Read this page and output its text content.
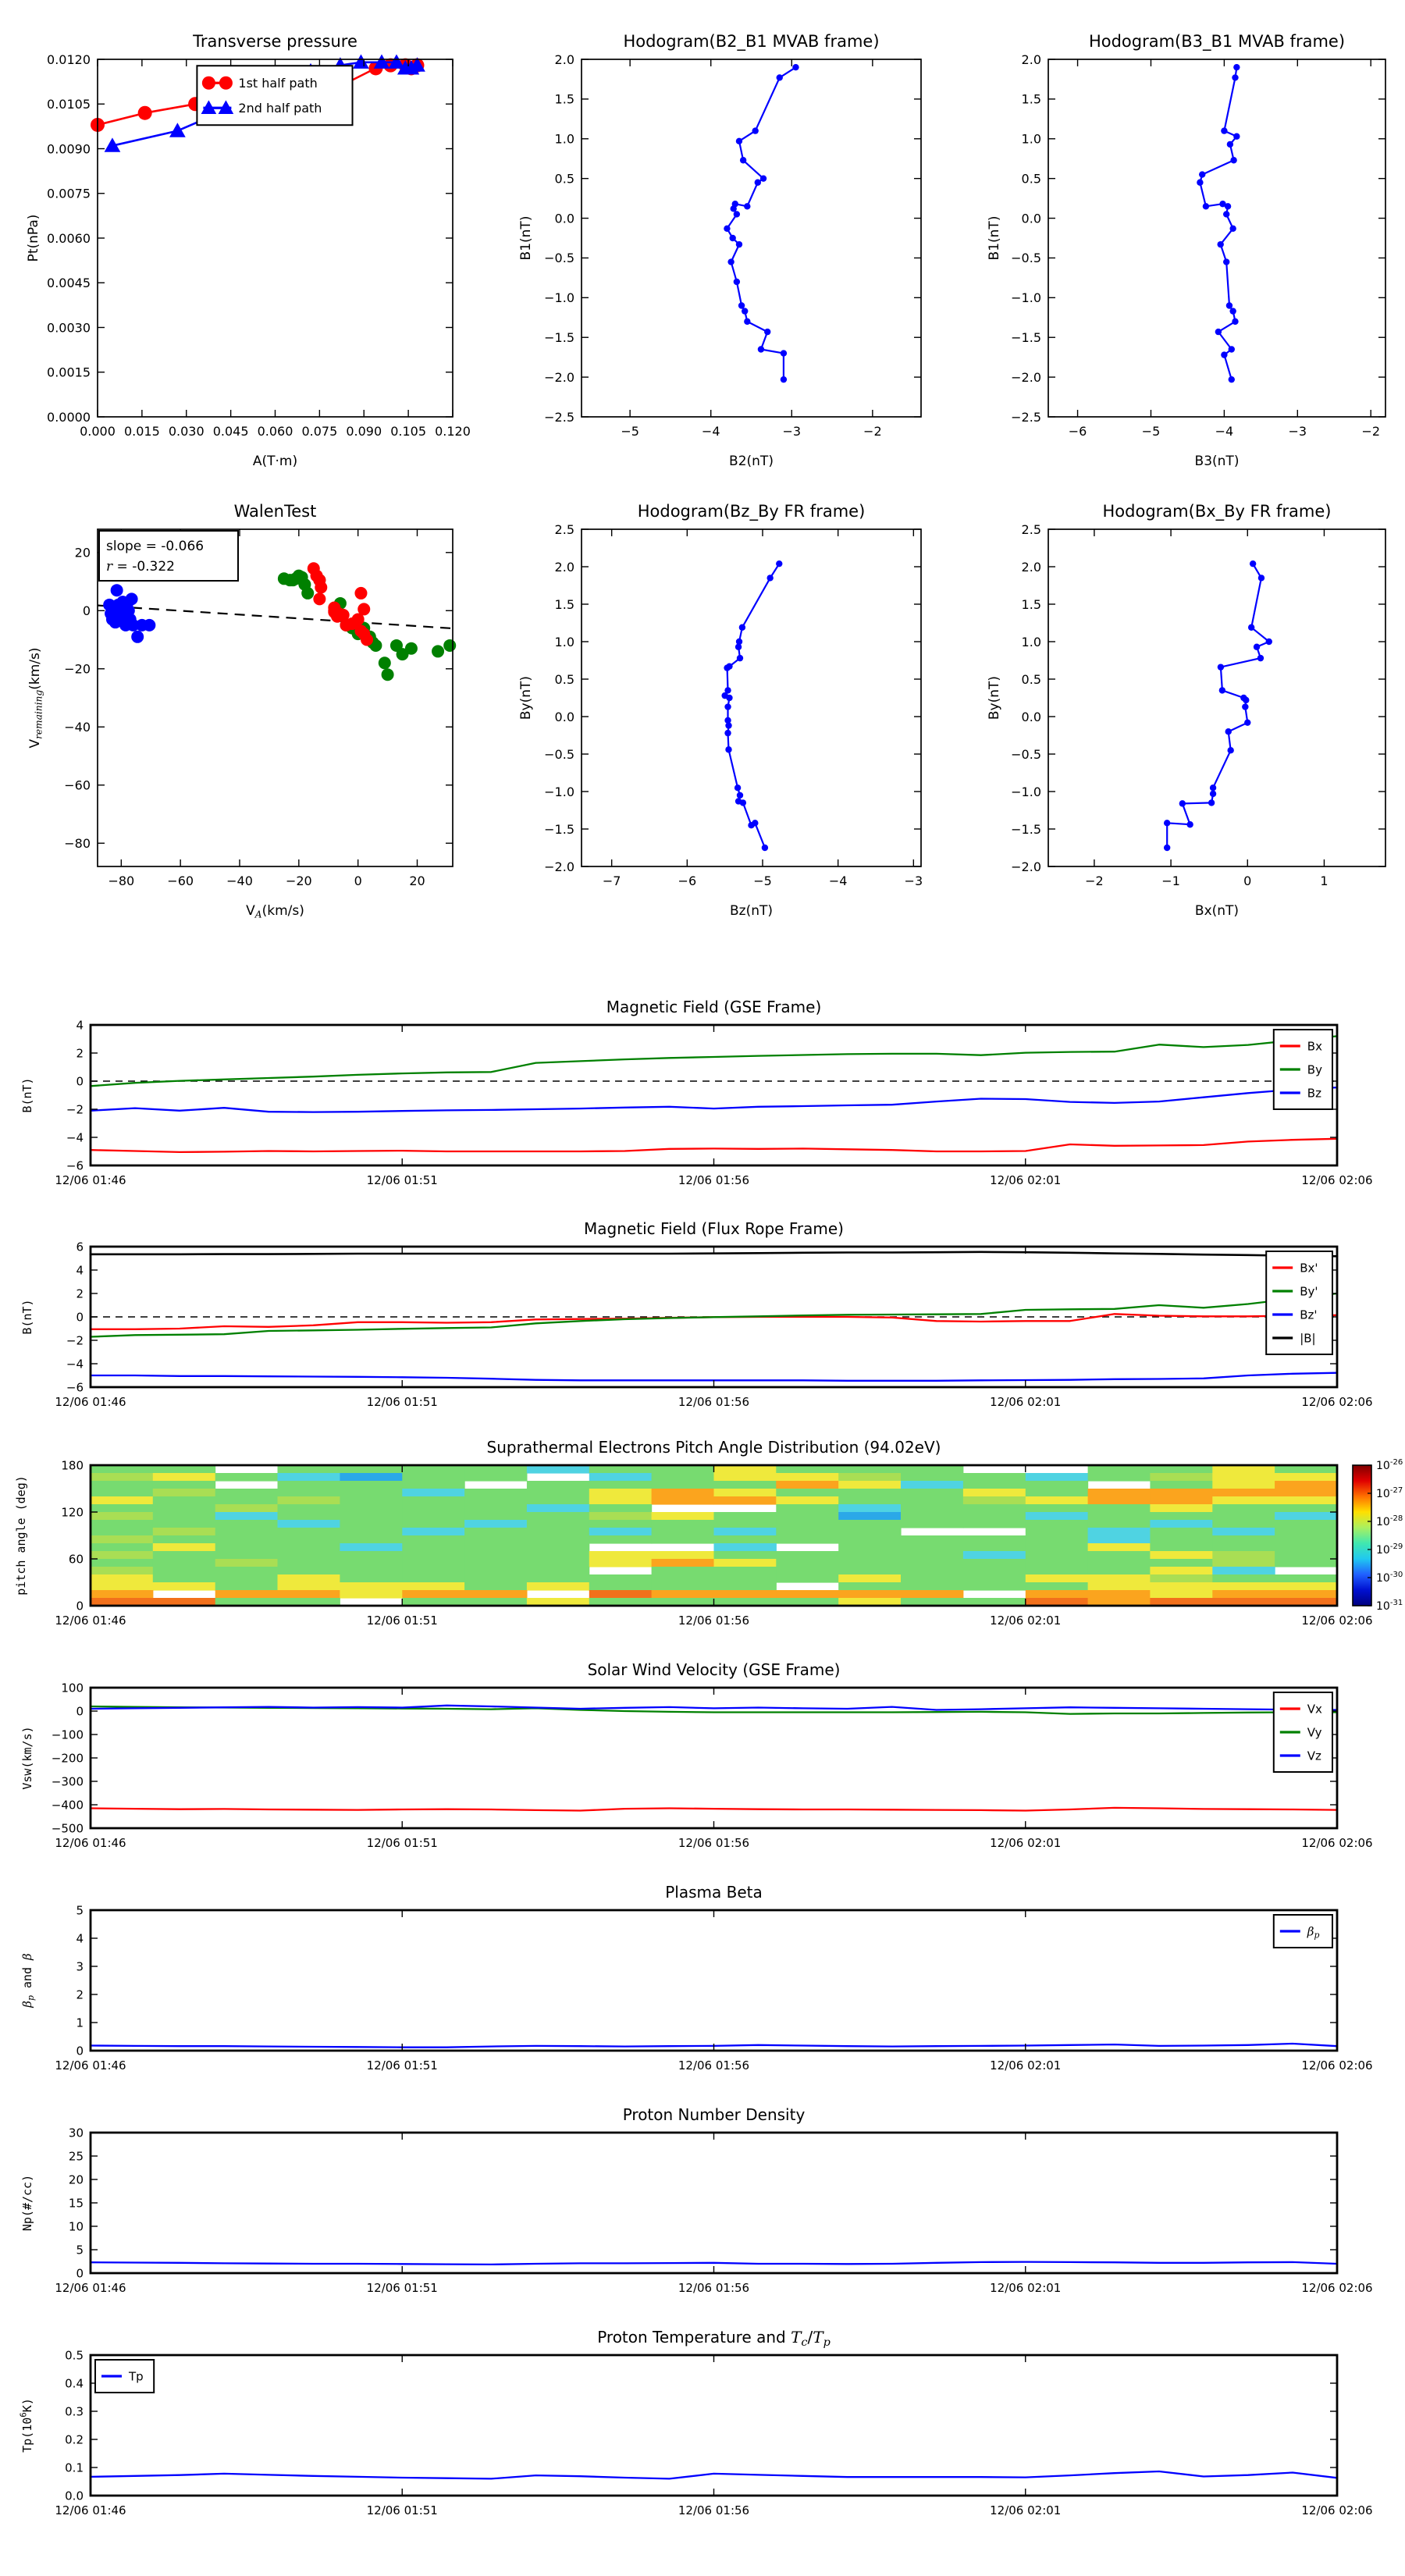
0.000 0.015 0.030 0.045 0.060 0.075 0.090 0.105 0.120
0.0000
0.0015
0.0030
0.0045
0.0060
0.0075
0.0090
0.0105
0.0120
Transverse pressure
A(T·m)
Pt(nPa)
1st half path
2nd half path
−5	−4	−3	−2
−2.5
−2.0
−1.5
−1.0
−0.5
0.0
0.5
1.0
1.5
2.0
Hodogram(B2_B1 MVAB frame)
B2(nT)
B1(nT)
−6	−5	−4	−3	−2
−2.5
−2.0
−1.5
−1.0
−0.5
0.0
0.5
1.0
1.5
2.0
Hodogram(B3_B1 MVAB frame)
B3(nT)
B1(nT)
−80	−60	−40	−20	0	20
−80
−60
−40
−20
0
20
WalenTest
VA(km/s)
Vremaining(km/s)
slope = -0.066
r = -0.322
−7	−6	−5	−4	−3
−2.0
−1.5
−1.0
−0.5
0.0
0.5
1.0
1.5
2.0
2.5
Hodogram(Bz_By FR frame)
Bz(nT)
By(nT)
−2	−1	0	1
−2.0
−1.5
−1.0
−0.5
0.0
0.5
1.0
1.5
2.0
2.5
Hodogram(Bx_By FR frame)
Bx(nT)
By(nT)
12/06 01:46	12/06 01:51	12/06 01:56	12/06 02:01	12/06 02:06
−6
−4
−2
0
2
4
Magnetic Field (GSE Frame)
B(nT)
Bx
By
Bz
12/06 01:46	12/06 01:51	12/06 01:56	12/06 02:01	12/06 02:06
−6
−4
−2
0
2
4
6
Magnetic Field (Flux Rope Frame)
B(nT)
Bx'
By'
Bz'
|B|
12/06 01:46	12/06 01:51	12/06 01:56	12/06 02:01	12/06 02:06
0
60
120
180
Suprathermal Electrons Pitch Angle Distribution (94.02eV)
pitch angle (deg)
$10^{-26}$
$10^{-27}$
$10^{-28}$
$10^{-29}$
$10^{-30}$
$10^{-31}$
12/06 01:46	12/06 01:51	12/06 01:56	12/06 02:01	12/06 02:06
−500
−400
−300
−200
−100
0
100
Solar Wind Velocity (GSE Frame)
Vsw(km/s)
Vx
Vy
Vz
12/06 01:46	12/06 01:51	12/06 01:56	12/06 02:01	12/06 02:06
0
1
2
3
4
5
Plasma Beta
$\beta_p$ and β
$\beta_p$
12/06 01:46	12/06 01:51	12/06 01:56	12/06 02:01	12/06 02:06
0
5
10
15
20
25
30
Proton Number Density
Np(#/cc)
12/06 01:46	12/06 01:51	12/06 01:56	12/06 02:01	12/06 02:06
0.0
0.1
0.2
0.3
0.4
0.5
Proton Temperature and $T_c/T_p$
$Tp(10^6K)$
Tp
